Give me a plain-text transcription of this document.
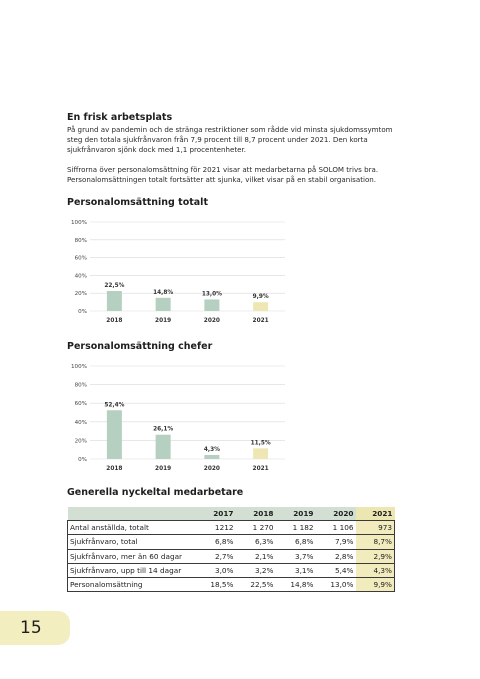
En frisk arbetsplats

På grund av pandemin och de stränga restriktioner som rådde vid minsta sjukdomssymtom steg den totala sjukfrånvaron från 7,9 procent till 8,7 procent under 2021. Den korta sjukfrånvaron sjönk dock med 1,1 procentenheter.

Siffrorna över personalomsättning för 2021 visar att medarbetarna på SOLOM trivs bra. Personalomsättningen totalt fortsätter att sjunka, vilket visar på en stabil organisation.

Personalomsättning totalt
0%
20%
40%
60%
80%
100%
22,5%
2018
14,8%
2019
13,0%
2020
9,9%
2021
Personalomsättning chefer
0%
20%
40%
60%
80%
100%
52,4%
2018
26,1%
2019
4,3%
2020
11,5%
2021
Generella nyckeltal medarbetare
	2017	2018	2019	2020	2021
Antal anställda, totalt	1212	1 270	1 182	1 106	973
Sjukfrånvaro, total	6,8%	6,3%	6,8%	7,9%	8,7%
Sjukfrånvaro, mer än 60 dagar	2,7%	2,1%	3,7%	2,8%	2,9%
Sjukfrånvaro, upp till 14 dagar	3,0%	3,2%	3,1%	5,4%	4,3%
Personalomsättning	18,5%	22,5%	14,8%	13,0%	9,9%
15
